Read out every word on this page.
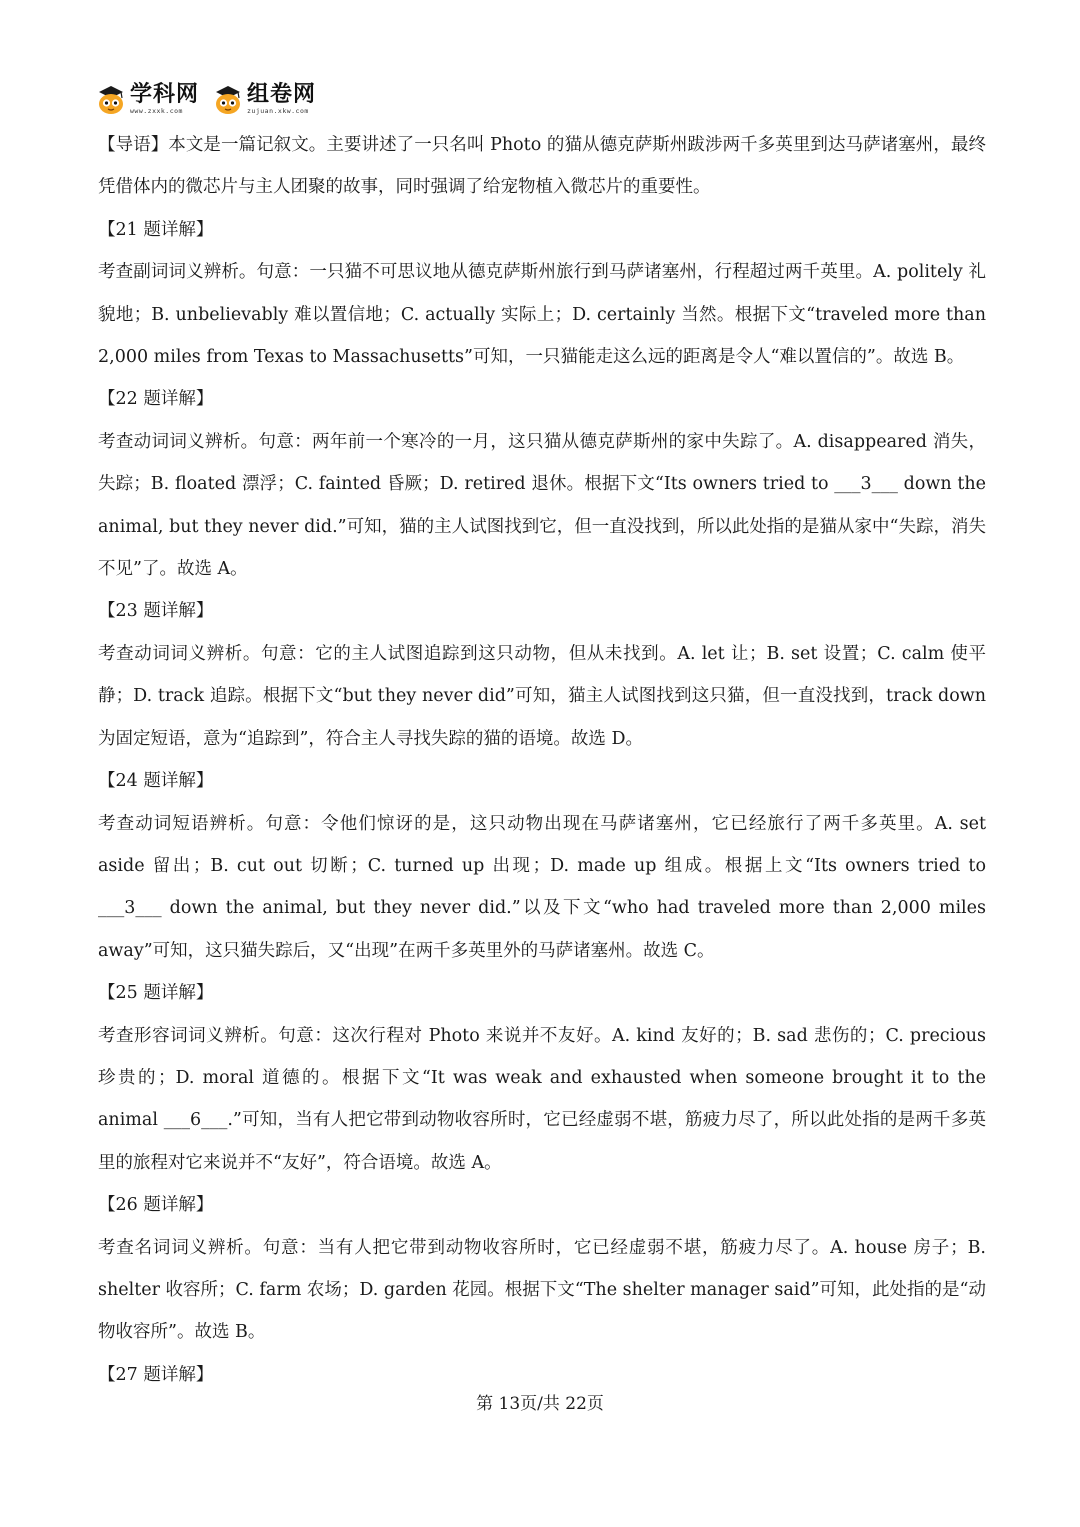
学科网
www.zxxk.com
组卷网
zujuan.xkw.com

【导语】本文是一篇记叙文。主要讲述了一只名叫 Photo 的猫从德克萨斯州跋涉两千多英里到达马萨诸塞州，最终凭借体内的微芯片与主人团聚的故事，同时强调了给宠物植入微芯片的重要性。

【21 题详解】

考查副词词义辨析。句意：一只猫不可思议地从德克萨斯州旅行到马萨诸塞州，行程超过两千英里。A. politely 礼貌地；B. unbelievably 难以置信地；C. actually 实际上；D. certainly 当然。根据下文“traveled more than 2,000 miles from Texas to Massachusetts”可知，一只猫能走这么远的距离是令人“难以置信的”。故选 B。

【22 题详解】

考查动词词义辨析。句意：两年前一个寒冷的一月，这只猫从德克萨斯州的家中失踪了。A. disappeared 消失，失踪；B. floated 漂浮；C. fainted 昏厥；D. retired 退休。根据下文“Its owners tried to ___3___ down the animal, but they never did.”可知，猫的主人试图找到它，但一直没找到，所以此处指的是猫从家中“失踪，消失不见”了。故选 A。

【23 题详解】

考查动词词义辨析。句意：它的主人试图追踪到这只动物，但从未找到。A. let 让；B. set 设置；C. calm 使平静；D. track 追踪。根据下文“but they never did”可知，猫主人试图找到这只猫，但一直没找到，track down 为固定短语，意为“追踪到”，符合主人寻找失踪的猫的语境。故选 D。

【24 题详解】

考查动词短语辨析。句意：令他们惊讶的是，这只动物出现在马萨诸塞州，它已经旅行了两千多英里。A. set aside 留出；B. cut out 切断；C. turned up 出现；D. made up 组成。根据上文“Its owners tried to ___3___ down the animal, but they never did.”以及下文“who had traveled more than 2,000 miles away”可知，这只猫失踪后，又“出现”在两千多英里外的马萨诸塞州。故选 C。

【25 题详解】

考查形容词词义辨析。句意：这次行程对 Photo 来说并不友好。A. kind 友好的；B. sad 悲伤的；C. precious 珍贵的；D. moral 道德的。根据下文“It was weak and exhausted when someone brought it to the animal ___6___.”可知，当有人把它带到动物收容所时，它已经虚弱不堪，筋疲力尽了，所以此处指的是两千多英里的旅程对它来说并不“友好”，符合语境。故选 A。

【26 题详解】

考查名词词义辨析。句意：当有人把它带到动物收容所时，它已经虚弱不堪，筋疲力尽了。A. house 房子；B. shelter 收容所；C. farm 农场；D. garden 花园。根据下文“The shelter manager said”可知，此处指的是“动物收容所”。故选 B。

【27 题详解】

第 13页/共 22页
